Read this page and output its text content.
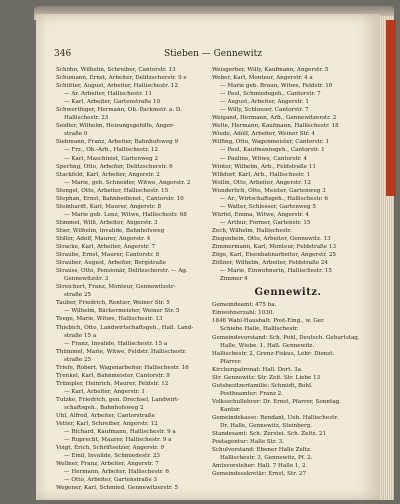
346	Stieben — Gennewitz
Schöhn, Wilhelm, Schreiber, Cantorstr. 13
Schumann, Ernst, Arbeiter, Delitzscherstr. 9 e
Schütter, August, Arbeiter, Hallischestr. 12
— Ar. Arbeiter, Hallischestr. 11
— Karl, Arbeiter, Gartenstraße 10
Schwertfeger, Hermann, Ob.-Packmstr. a. D.
Hallischestr. 23
Seidler, Wilhelm, Heizungsgehilfe, Anger-
straße 6
Siebmann, Franz, Arbeiter, Bahnhofsweg 9
— Frz., Ob.-Arb., Hallischestr. 12
— Karl, Maschinist, Gartenweg 2
Sperling, Otto, Arbeiter, Delitzscherstr. 6
Stackfeld, Karl, Arbeiter, Angerstr. 2
— Marie, geb. Schneider, Witwe, Angerstr. 2
Stengel, Otto, Arbeiter, Hallischestr. 15
Stephan, Ernst, Bahnbedienst., Cantorstr. 10
Steinhardt, Karl, Maurer, Angerstr. 8
— Marie geb. Lenz, Witwe, Hallischestr. 68
Stimmel, Willi, Arbeiter, Angerstr. 3
Stier, Wilhelm, Invalide, Bahnhofsweg
Stiller, Adolf, Maurer, Angerstr. 4
Stracke, Karl, Arbeiter, Angerstr. 7
Straube, Ernst, Maurer, Cantorstr. 8
Strauber, August, Arbeiter, Bergstraße
Strauss, Otto, Pensionär, Delitzscherstr. — Ag.
Gennewitzstr. 3
Streichert, Franz, Monteur, Gennewitzstr-
straße 25
Tauber, Friedrich, Rentier, Weiner Str. 5
— Wilhelm, Bäckermeister, Weiner Str. 5
Teege, Marie, Witwe, Hallischestr. 13
Thiebich, Otto, Landwirtschaftsgeh., Hall. Land-
straße 15 a
— Franz, Invalide, Hallischestr. 15 a
Thümmel, Marie, Witwe, Feldstr. Hallischestr.
straße 25
Triefe, Robert, Wagenarbeiter, Hallischestr. 16
Trenkel, Karl, Bahnmeister, Cantorstr. 9
Trümpler, Heinrich, Maurer, Feldstr. 12
— Karl, Arbeiter, Angerstr. 1
Tutzke, Friedrich, gen. Drechsel, Landwirt-
schaftsgeh., Bahnhofsweg 2
Uhl, Alfred, Arbeiter, Cantorstraße
Vetter, Karl, Schreiber, Angerstr. 12
— Richard, Kaufmann, Hallischestr. 9 a
— Ruprecht, Maurer, Hallischestr. 9 a
Voigt, Erich, Schriftsetzer, Angerstr. 9
— Emil, Invalide, Schmiedestr. 23
Wellner, Franz, Arbeiter, Angerstr. 7
— Hermann, Arbeiter, Hallischestr. 6
— Otto, Arbeiter, Gartenstraße 3
Wegener, Karl, Schmied, Gennewitzerstr. 5
Weisgerber, Willy, Kaufmann, Angerstr. 5
Weber, Karl, Monteur, Angerstr. 4 a
— Marie geb. Braun, Witwe, Feldstr. 10
— Paul, Schmiedegeh., Cantorstr. 7
— August, Arbeiter, Angerstr. 1
— Willy, Schlosser, Cantorstr. 7
Weigand, Hermann, Arb., Gennewitzerstr. 2
Welte, Hermann, Kaufmann, Hallischestr. 18
Wiede, Adolf, Arbeiter, Weiner Str. 4
Wilfing, Otto, Wagenmeister, Cantorstr. 1
— Paul, Kaufmannsgeh., Cantorstr. 1
— Pauline, Witwe, Cantorstr. 4
Winter, Wilhelm, Arb., Feldstraße 11
Wißdorf, Karl, Arb., Hallischestr. 1
Wollin, Otto, Arbeiter, Angerstr. 12
Wunderlich, Otto, Meister, Gartenweg 3
— Ar., Wirtschaftsgeh., Hallischestr. 6
— Walter, Schlosser, Gartenweg 5
Würfel, Emma, Witwe, Angerstr. 4
— Arthur, Former, Gartenstr. 15
Zech, Wilhelm, Hallischestr.
Ziegenbein, Otto, Arbeiter, Gennewitz. 13
Zimmermann, Karl, Monteur, Feldstraße 13
Zöge, Karl, Eisenbahnarbeiter, Angerstr. 25
Zöllner, Wilhelm, Arbeiter, Feldstraße 24
— Marie, Einwohnerin, Hallischestr. 15
Zimmer 4
Gennewitz.
Gemeindeamt: 475 ha.
Einwohnerzahl: 1030.
1846 Wahl-Haushalt: Post-Eing., w. Ger.
Schiebe Halle, Hallischestr.
Gemeindevorstand: Sch. Pohl, Deutsch. Geburtstag,
Halle, Wiebe. 1, Hall. Gennewitz.
Hallischestr. 2, Grenz-Fiskus, Lehr- Dienst.
Pfarrer.
Kirchenpatronat: Hall. Dort. 3a.
Str. Gennewitz: Str. Zeit. Str. Liebe 13
Gutsbesitzerfamilie: Schmidt, Bohl.
Postbeamter: Franz 2.
Volksschullehrer: Dr. Ernst, Pfarrer, Sonntag.
Kantor.
Gemeindekasse: Rendant, Ueb. Hallischestr.
Dr. Halle, Gennewitz, Steinberg.
Standesamt: Sch. Zerstei. Sch. Zeltz. 21
Postagentur: Halle Str. 3.
Schulvorstand: Ebener Halle Zeltz.
Hallischestr. 3, Gennewitz, Pf. 2.
Amtsvorsteher: Hall. 7 Halle 1, 2.
Gemeindesekretär: Ernst, Str. 27
